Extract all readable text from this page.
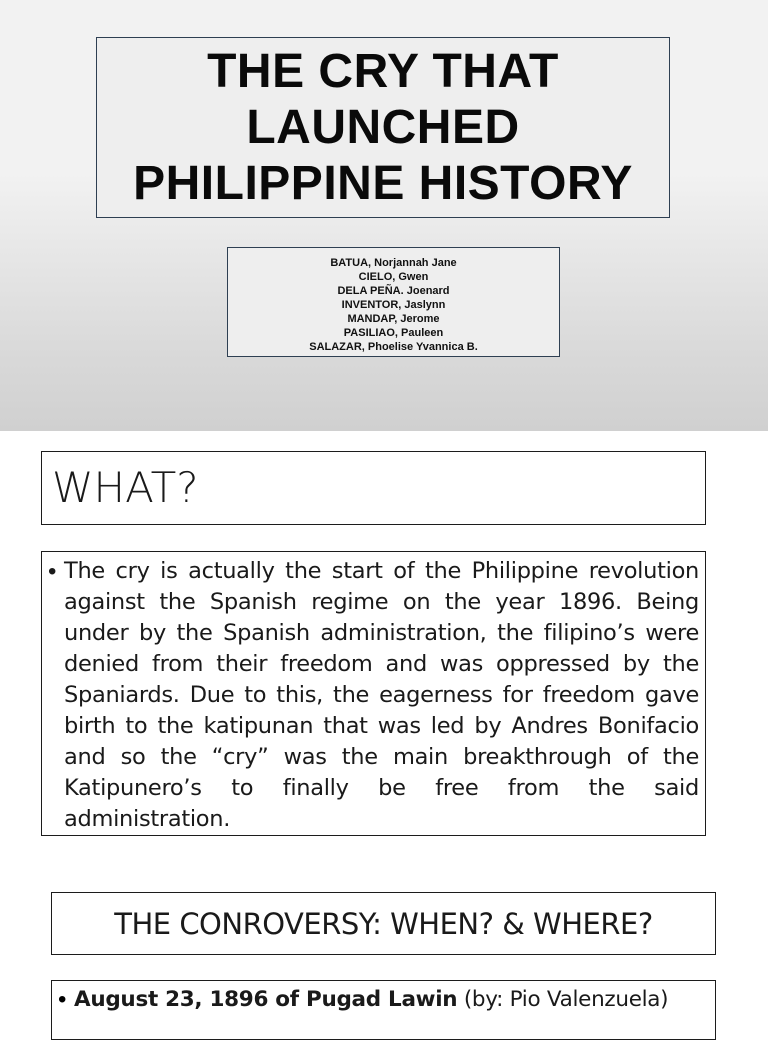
THE CRY THAT
LAUNCHED
PHILIPPINE HISTORY
BATUA, Norjannah Jane
CIELO, Gwen
DELA PEÑA. Joenard
INVENTOR, Jaslynn
MANDAP, Jerome
PASILIAO, Pauleen
SALAZAR, Phoelise Yvannica B.
WHAT?
• The cry is actually the start of the Philippine revolution against the Spanish regime on the year 1896. Being under by the Spanish administration, the filipino’s were denied from their freedom and was oppressed by the Spaniards. Due to this, the eagerness for freedom gave birth to the katipunan that was led by Andres Bonifacio and so the “cry” was the main breakthrough of the Katipunero’s to finally be free from the said administration.
THE CONROVERSY: WHEN? & WHERE?
• August 23, 1896 of Pugad Lawin (by: Pio Valenzuela)
